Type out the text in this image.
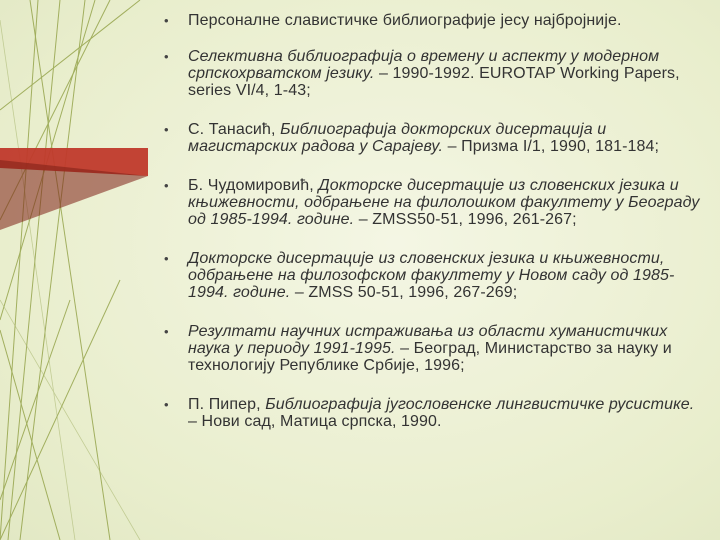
• Персоналне славистичке библиографије јесу најбројније.
• Селективна библиографија о времену и аспекту у модерном српскохрватском језику. – 1990-1992. EUROTAP Working Papers, series VI/4, 1-43;
• С. Танасић, Библиографија докторских дисертација и магистарских радова у Сарајеву. – Призма I/1, 1990, 181-184;
• Б. Чудомировић, Докторске дисертације из словенских језика и књижевности, одбрањене на филолошком факултету у Београду од 1985-1994. године. – ZMSS50-51, 1996, 261-267;
• Докторске дисертације из словенских језика и књижевности, одбрањене на филозофском факултету у Новом саду од 1985-1994. године. – ZMSS 50-51, 1996, 267-269;
• Резултати научних истраживања из области хуманистичких наука у периоду 1991-1995. – Београд, Министарство за науку и технологију Републике Србије, 1996;
• П. Пипер, Библиографија југословенске лингвистичке русистике. – Нови сад, Матица српска, 1990.
